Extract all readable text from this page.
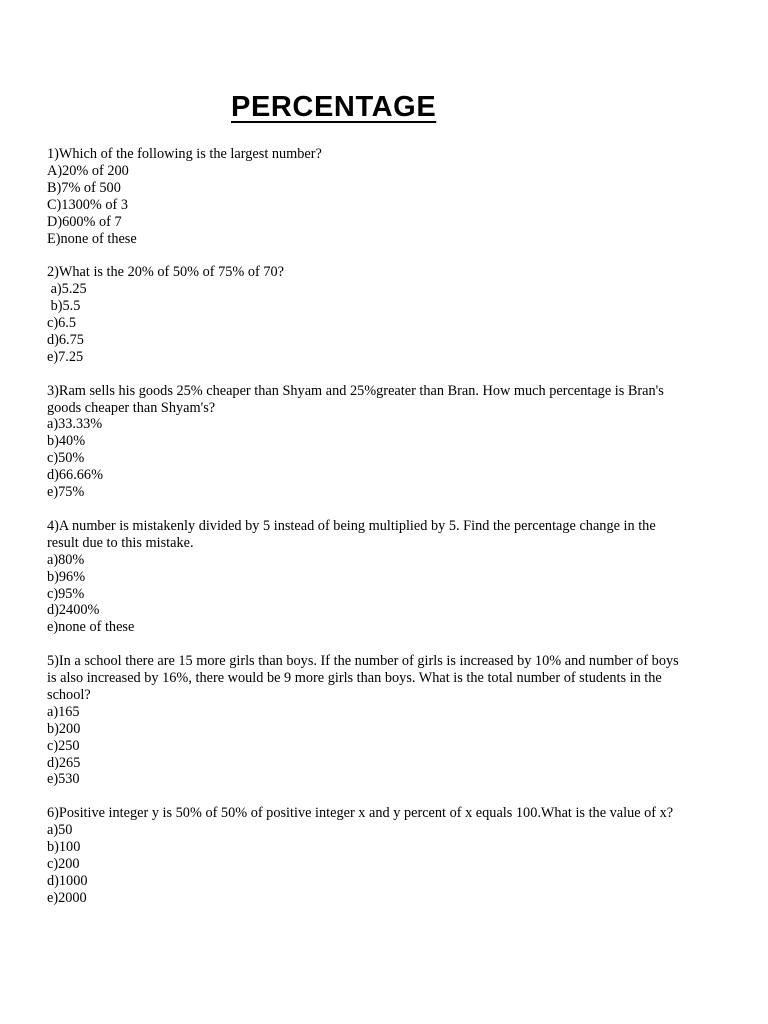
PERCENTAGE

1)Which of the following is the largest number?

A)20% of 200
B)7% of 500
C)1300% of 3
D)600% of 7
E)none of these

2)What is the 20% of 50% of 75% of 70?

a)5.25
b)5.5
c)6.5
d)6.75
e)7.25

3)Ram sells his goods 25% cheaper than Shyam and 25%greater than Bran. How much percentage is Bran's goods cheaper than Shyam's?

a)33.33%
b)40%
c)50%
d)66.66%
e)75%

4)A number is mistakenly divided by 5 instead of being multiplied by 5. Find the percentage change in the result due to this mistake.

a)80%
b)96%
c)95%
d)2400%
e)none of these

5)In a school there are 15 more girls than boys. If the number of girls is increased by 10% and number of boys is also increased by 16%, there would be 9 more girls than boys. What is the total number of students in the school?

a)165
b)200
c)250
d)265
e)530

6)Positive integer y is 50% of 50% of positive integer x and y percent of x equals 100.What is the value of x?

a)50
b)100
c)200
d)1000
e)2000
